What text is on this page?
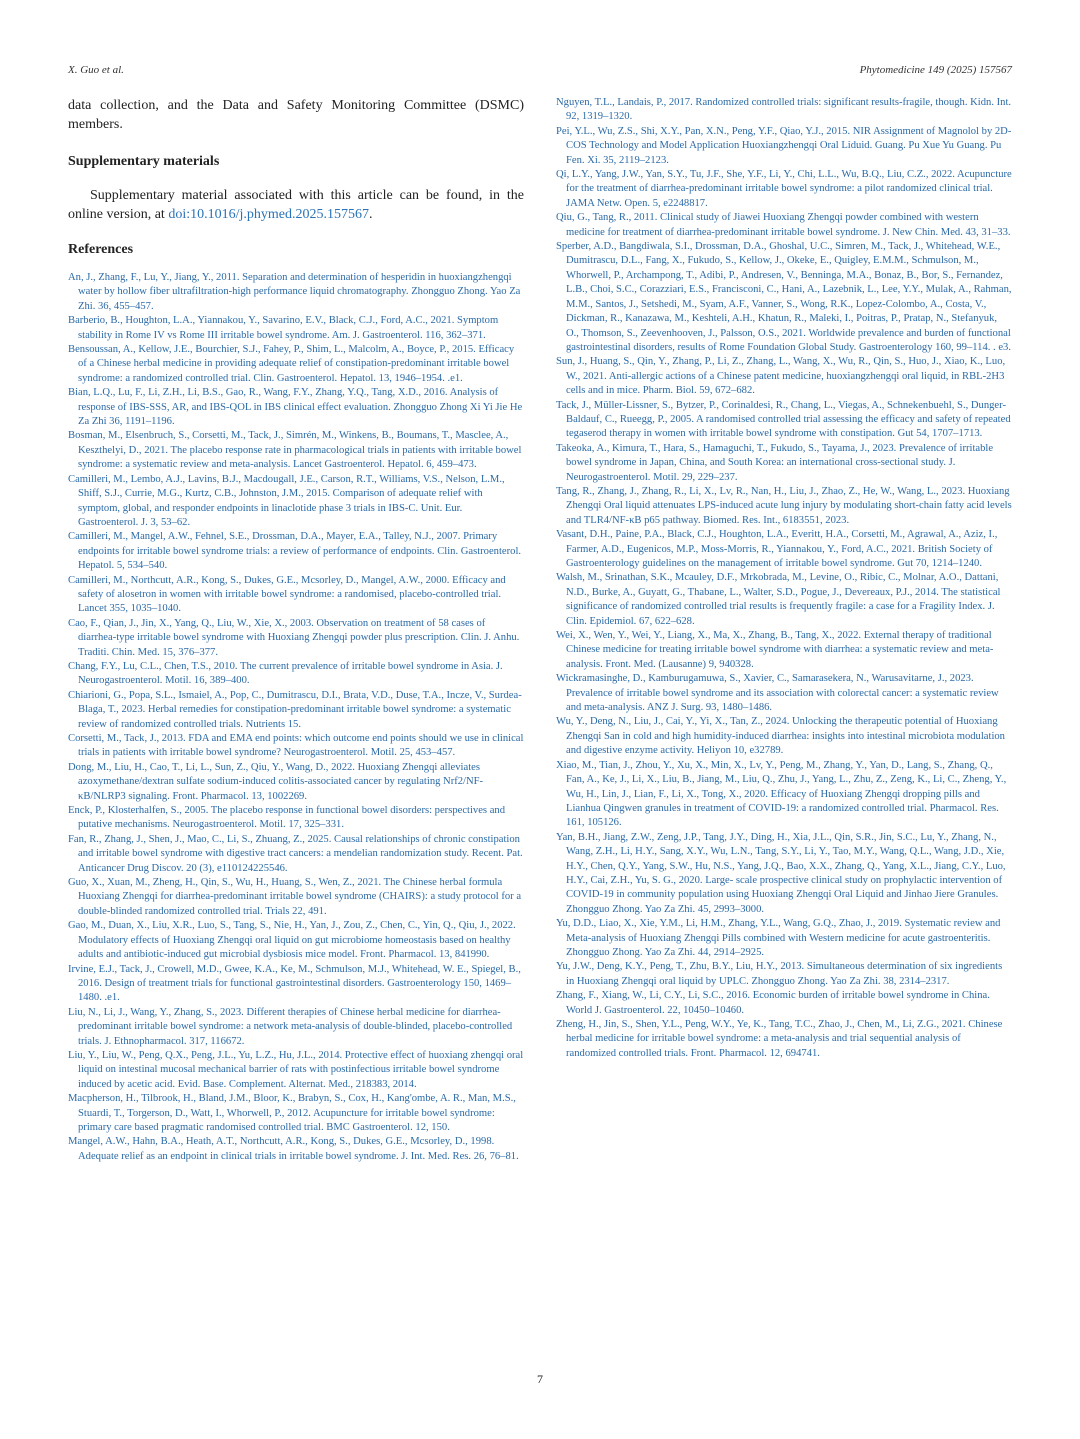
X. Guo et al.	Phytomedicine 149 (2025) 157567

data collection, and the Data and Safety Monitoring Committee (DSMC) members.

Supplementary materials

Supplementary material associated with this article can be found, in the online version, at doi:10.1016/j.phymed.2025.157567.

References
An, J., Zhang, F., Lu, Y., Jiang, Y., 2011. Separation and determination of hesperidin in huoxiangzhengqi water by hollow fiber ultrafiltration-high performance liquid chromatography. Zhongguo Zhong. Yao Za Zhi. 36, 455–457.
Barberio, B., Houghton, L.A., Yiannakou, Y., Savarino, E.V., Black, C.J., Ford, A.C., 2021. Symptom stability in Rome IV vs Rome III irritable bowel syndrome. Am. J. Gastroenterol. 116, 362–371.
Bensoussan, A., Kellow, J.E., Bourchier, S.J., Fahey, P., Shim, L., Malcolm, A., Boyce, P., 2015. Efficacy of a Chinese herbal medicine in providing adequate relief of constipation-predominant irritable bowel syndrome: a randomized controlled trial. Clin. Gastroenterol. Hepatol. 13, 1946–1954. .e1.
Bian, L.Q., Lu, F., Li, Z.H., Li, B.S., Gao, R., Wang, F.Y., Zhang, Y.Q., Tang, X.D., 2016. Analysis of response of IBS-SSS, AR, and IBS-QOL in IBS clinical effect evaluation. Zhongguo Zhong Xi Yi Jie He Za Zhi 36, 1191–1196.
Bosman, M., Elsenbruch, S., Corsetti, M., Tack, J., Simrén, M., Winkens, B., Boumans, T., Masclee, A., Keszthelyi, D., 2021. The placebo response rate in pharmacological trials in patients with irritable bowel syndrome: a systematic review and meta-analysis. Lancet Gastroenterol. Hepatol. 6, 459–473.
Camilleri, M., Lembo, A.J., Lavins, B.J., Macdougall, J.E., Carson, R.T., Williams, V.S., Nelson, L.M., Shiff, S.J., Currie, M.G., Kurtz, C.B., Johnston, J.M., 2015. Comparison of adequate relief with symptom, global, and responder endpoints in linaclotide phase 3 trials in IBS-C. Unit. Eur. Gastroenterol. J. 3, 53–62.
Camilleri, M., Mangel, A.W., Fehnel, S.E., Drossman, D.A., Mayer, E.A., Talley, N.J., 2007. Primary endpoints for irritable bowel syndrome trials: a review of performance of endpoints. Clin. Gastroenterol. Hepatol. 5, 534–540.
Camilleri, M., Northcutt, A.R., Kong, S., Dukes, G.E., Mcsorley, D., Mangel, A.W., 2000. Efficacy and safety of alosetron in women with irritable bowel syndrome: a randomised, placebo-controlled trial. Lancet 355, 1035–1040.
Cao, F., Qian, J., Jin, X., Yang, Q., Liu, W., Xie, X., 2003. Observation on treatment of 58 cases of diarrhea-type irritable bowel syndrome with Huoxiang Zhengqi powder plus prescription. Clin. J. Anhu. Traditi. Chin. Med. 15, 376–377.
Chang, F.Y., Lu, C.L., Chen, T.S., 2010. The current prevalence of irritable bowel syndrome in Asia. J. Neurogastroenterol. Motil. 16, 389–400.
Chiarioni, G., Popa, S.L., Ismaiel, A., Pop, C., Dumitrascu, D.I., Brata, V.D., Duse, T.A., Incze, V., Surdea-Blaga, T., 2023. Herbal remedies for constipation-predominant irritable bowel syndrome: a systematic review of randomized controlled trials. Nutrients 15.
Corsetti, M., Tack, J., 2013. FDA and EMA end points: which outcome end points should we use in clinical trials in patients with irritable bowel syndrome? Neurogastroenterol. Motil. 25, 453–457.
Dong, M., Liu, H., Cao, T., Li, L., Sun, Z., Qiu, Y., Wang, D., 2022. Huoxiang Zhengqi alleviates azoxymethane/dextran sulfate sodium-induced colitis-associated cancer by regulating Nrf2/NF-κB/NLRP3 signaling. Front. Pharmacol. 13, 1002269.
Enck, P., Klosterhalfen, S., 2005. The placebo response in functional bowel disorders: perspectives and putative mechanisms. Neurogastroenterol. Motil. 17, 325–331.
Fan, R., Zhang, J., Shen, J., Mao, C., Li, S., Zhuang, Z., 2025. Causal relationships of chronic constipation and irritable bowel syndrome with digestive tract cancers: a mendelian randomization study. Recent. Pat. Anticancer Drug Discov. 20 (3), e110124225546.
Guo, X., Xuan, M., Zheng, H., Qin, S., Wu, H., Huang, S., Wen, Z., 2021. The Chinese herbal formula Huoxiang Zhengqi for diarrhea-predominant irritable bowel syndrome (CHAIRS): a study protocol for a double-blinded randomized controlled trial. Trials 22, 491.
Gao, M., Duan, X., Liu, X.R., Luo, S., Tang, S., Nie, H., Yan, J., Zou, Z., Chen, C., Yin, Q., Qiu, J., 2022. Modulatory effects of Huoxiang Zhengqi oral liquid on gut microbiome homeostasis based on healthy adults and antibiotic-induced gut microbial dysbiosis mice model. Front. Pharmacol. 13, 841990.
Irvine, E.J., Tack, J., Crowell, M.D., Gwee, K.A., Ke, M., Schmulson, M.J., Whitehead, W. E., Spiegel, B., 2016. Design of treatment trials for functional gastrointestinal disorders. Gastroenterology 150, 1469–1480. .e1.
Liu, N., Li, J., Wang, Y., Zhang, S., 2023. Different therapies of Chinese herbal medicine for diarrhea-predominant irritable bowel syndrome: a network meta-analysis of double-blinded, placebo-controlled trials. J. Ethnopharmacol. 317, 116672.
Liu, Y., Liu, W., Peng, Q.X., Peng, J.L., Yu, L.Z., Hu, J.L., 2014. Protective effect of huoxiang zhengqi oral liquid on intestinal mucosal mechanical barrier of rats with postinfectious irritable bowel syndrome induced by acetic acid. Evid. Base. Complement. Alternat. Med., 218383, 2014.
Macpherson, H., Tilbrook, H., Bland, J.M., Bloor, K., Brabyn, S., Cox, H., Kang'ombe, A. R., Man, M.S., Stuardi, T., Torgerson, D., Watt, I., Whorwell, P., 2012. Acupuncture for irritable bowel syndrome: primary care based pragmatic randomised controlled trial. BMC Gastroenterol. 12, 150.
Mangel, A.W., Hahn, B.A., Heath, A.T., Northcutt, A.R., Kong, S., Dukes, G.E., Mcsorley, D., 1998. Adequate relief as an endpoint in clinical trials in irritable bowel syndrome. J. Int. Med. Res. 26, 76–81.
Nguyen, T.L., Landais, P., 2017. Randomized controlled trials: significant results-fragile, though. Kidn. Int. 92, 1319–1320.
Pei, Y.L., Wu, Z.S., Shi, X.Y., Pan, X.N., Peng, Y.F., Qiao, Y.J., 2015. NIR Assignment of Magnolol by 2D-COS Technology and Model Application Huoxiangzhengqi Oral Liduid. Guang. Pu Xue Yu Guang. Pu Fen. Xi. 35, 2119–2123.
Qi, L.Y., Yang, J.W., Yan, S.Y., Tu, J.F., She, Y.F., Li, Y., Chi, L.L., Wu, B.Q., Liu, C.Z., 2022. Acupuncture for the treatment of diarrhea-predominant irritable bowel syndrome: a pilot randomized clinical trial. JAMA Netw. Open. 5, e2248817.
Qiu, G., Tang, R., 2011. Clinical study of Jiawei Huoxiang Zhengqi powder combined with western medicine for treatment of diarrhea-predominant irritable bowel syndrome. J. New Chin. Med. 43, 31–33.
Sperber, A.D., Bangdiwala, S.I., Drossman, D.A., Ghoshal, U.C., Simren, M., Tack, J., Whitehead, W.E., Dumitrascu, D.L., Fang, X., Fukudo, S., Kellow, J., Okeke, E., Quigley, E.M.M., Schmulson, M., Whorwell, P., Archampong, T., Adibi, P., Andresen, V., Benninga, M.A., Bonaz, B., Bor, S., Fernandez, L.B., Choi, S.C., Corazziari, E.S., Francisconi, C., Hani, A., Lazebnik, L., Lee, Y.Y., Mulak, A., Rahman, M.M., Santos, J., Setshedi, M., Syam, A.F., Vanner, S., Wong, R.K., Lopez-Colombo, A., Costa, V., Dickman, R., Kanazawa, M., Keshteli, A.H., Khatun, R., Maleki, I., Poitras, P., Pratap, N., Stefanyuk, O., Thomson, S., Zeevenhooven, J., Palsson, O.S., 2021. Worldwide prevalence and burden of functional gastrointestinal disorders, results of Rome Foundation Global Study. Gastroenterology 160, 99–114. . e3.
Sun, J., Huang, S., Qin, Y., Zhang, P., Li, Z., Zhang, L., Wang, X., Wu, R., Qin, S., Huo, J., Xiao, K., Luo, W., 2021. Anti-allergic actions of a Chinese patent medicine, huoxiangzhengqi oral liquid, in RBL-2H3 cells and in mice. Pharm. Biol. 59, 672–682.
Tack, J., Müller-Lissner, S., Bytzer, P., Corinaldesi, R., Chang, L., Viegas, A., Schnekenbuehl, S., Dunger-Baldauf, C., Rueegg, P., 2005. A randomised controlled trial assessing the efficacy and safety of repeated tegaserod therapy in women with irritable bowel syndrome with constipation. Gut 54, 1707–1713.
Takeoka, A., Kimura, T., Hara, S., Hamaguchi, T., Fukudo, S., Tayama, J., 2023. Prevalence of irritable bowel syndrome in Japan, China, and South Korea: an international cross-sectional study. J. Neurogastroenterol. Motil. 29, 229–237.
Tang, R., Zhang, J., Zhang, R., Li, X., Lv, R., Nan, H., Liu, J., Zhao, Z., He, W., Wang, L., 2023. Huoxiang Zhengqi Oral liquid attenuates LPS-induced acute lung injury by modulating short-chain fatty acid levels and TLR4/NF-κB p65 pathway. Biomed. Res. Int., 6183551, 2023.
Vasant, D.H., Paine, P.A., Black, C.J., Houghton, L.A., Everitt, H.A., Corsetti, M., Agrawal, A., Aziz, I., Farmer, A.D., Eugenicos, M.P., Moss-Morris, R., Yiannakou, Y., Ford, A.C., 2021. British Society of Gastroenterology guidelines on the management of irritable bowel syndrome. Gut 70, 1214–1240.
Walsh, M., Srinathan, S.K., Mcauley, D.F., Mrkobrada, M., Levine, O., Ribic, C., Molnar, A.O., Dattani, N.D., Burke, A., Guyatt, G., Thabane, L., Walter, S.D., Pogue, J., Devereaux, P.J., 2014. The statistical significance of randomized controlled trial results is frequently fragile: a case for a Fragility Index. J. Clin. Epidemiol. 67, 622–628.
Wei, X., Wen, Y., Wei, Y., Liang, X., Ma, X., Zhang, B., Tang, X., 2022. External therapy of traditional Chinese medicine for treating irritable bowel syndrome with diarrhea: a systematic review and meta-analysis. Front. Med. (Lausanne) 9, 940328.
Wickramasinghe, D., Kamburugamuwa, S., Xavier, C., Samarasekera, N., Warusavitarne, J., 2023. Prevalence of irritable bowel syndrome and its association with colorectal cancer: a systematic review and meta-analysis. ANZ J. Surg. 93, 1480–1486.
Wu, Y., Deng, N., Liu, J., Cai, Y., Yi, X., Tan, Z., 2024. Unlocking the therapeutic potential of Huoxiang Zhengqi San in cold and high humidity-induced diarrhea: insights into intestinal microbiota modulation and digestive enzyme activity. Heliyon 10, e32789.
Xiao, M., Tian, J., Zhou, Y., Xu, X., Min, X., Lv, Y., Peng, M., Zhang, Y., Yan, D., Lang, S., Zhang, Q., Fan, A., Ke, J., Li, X., Liu, B., Jiang, M., Liu, Q., Zhu, J., Yang, L., Zhu, Z., Zeng, K., Li, C., Zheng, Y., Wu, H., Lin, J., Lian, F., Li, X., Tong, X., 2020. Efficacy of Huoxiang Zhengqi dropping pills and Lianhua Qingwen granules in treatment of COVID-19: a randomized controlled trial. Pharmacol. Res. 161, 105126.
Yan, B.H., Jiang, Z.W., Zeng, J.P., Tang, J.Y., Ding, H., Xia, J.L., Qin, S.R., Jin, S.C., Lu, Y., Zhang, N., Wang, Z.H., Li, H.Y., Sang, X.Y., Wu, L.N., Tang, S.Y., Li, Y., Tao, M.Y., Wang, Q.L., Wang, J.D., Xie, H.Y., Chen, Q.Y., Yang, S.W., Hu, N.S., Yang, J.Q., Bao, X.X., Zhang, Q., Yang, X.L., Jiang, C.Y., Luo, H.Y., Cai, Z.H., Yu, S. G., 2020. Large- scale prospective clinical study on prophylactic intervention of COVID-19 in community population using Huoxiang Zhengqi Oral Liquid and Jinhao Jiere Granules. Zhongguo Zhong. Yao Za Zhi. 45, 2993–3000.
Yu, D.D., Liao, X., Xie, Y.M., Li, H.M., Zhang, Y.L., Wang, G.Q., Zhao, J., 2019. Systematic review and Meta-analysis of Huoxiang Zhengqi Pills combined with Western medicine for acute gastroenteritis. Zhongguo Zhong. Yao Za Zhi. 44, 2914–2925.
Yu, J.W., Deng, K.Y., Peng, T., Zhu, B.Y., Liu, H.Y., 2013. Simultaneous determination of six ingredients in Huoxiang Zhengqi oral liquid by UPLC. Zhongguo Zhong. Yao Za Zhi. 38, 2314–2317.
Zhang, F., Xiang, W., Li, C.Y., Li, S.C., 2016. Economic burden of irritable bowel syndrome in China. World J. Gastroenterol. 22, 10450–10460.
Zheng, H., Jin, S., Shen, Y.L., Peng, W.Y., Ye, K., Tang, T.C., Zhao, J., Chen, M., Li, Z.G., 2021. Chinese herbal medicine for irritable bowel syndrome: a meta-analysis and trial sequential analysis of randomized controlled trials. Front. Pharmacol. 12, 694741.
7
